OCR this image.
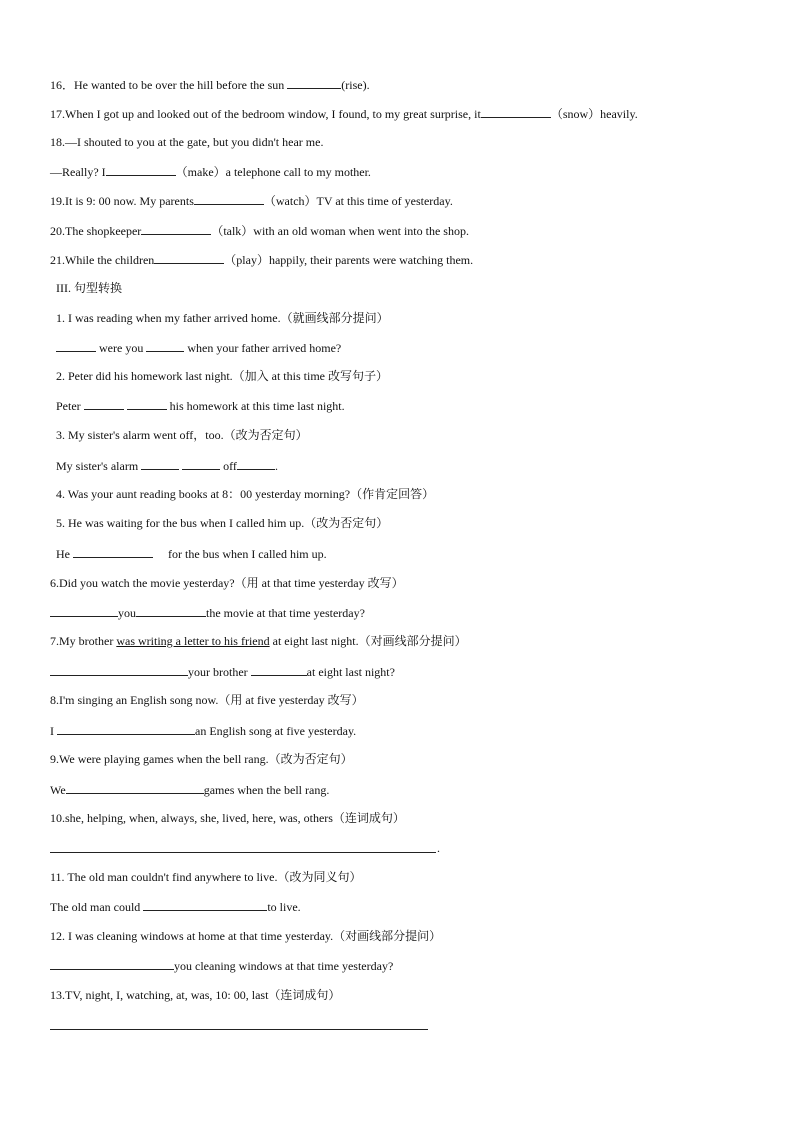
16．He wanted to be over the hill before the sun	(rise).
17.When I got up and looked out of the bedroom window, I found, to my great surprise, it	（snow）heavily.
18.—I shouted to you at the gate, but you didn't hear me.
—Really? I	（make）a telephone call to my mother.
19.It is 9: 00 now. My parents	（watch）TV at this time of yesterday.
20.The shopkeeper	（talk）with an old woman when went into the shop.
21.While the children	（play）happily, their parents were watching them.
III. 句型转换
1. I was reading when my father arrived home.（就画线部分提问）
were you	when your father arrived home?
2. Peter did his homework last night.（加入 at this time 改写句子）
Peter	his homework at this time last night.
3. My sister's alarm went off，too.（改为否定句）
My sister's alarm	off	.
4. Was your aunt reading books at 8：00 yesterday morning?（作肯定回答）
5. He was waiting for the bus when I called him up.（改为否定句）
He	for the bus when I called him up.
6.Did you watch the movie yesterday?（用 at that time yesterday 改写）
you	the movie at that time yesterday?
7.My brother was writing a letter to his friend at eight last night.（对画线部分提问）
your brother	at eight last night?
8.I'm singing an English song now.（用 at five yesterday 改写）
I	an English song at five yesterday.
9.We were playing games when the bell rang.（改为否定句）
We	games when the bell rang.
10.she, helping, when, always, she, lived, here, was, others（连词成句）
.
11. The old man couldn't find anywhere to live.（改为同义句）
The old man could	to live.
12. I was cleaning windows at home at that time yesterday.（对画线部分提问）
you cleaning windows at that time yesterday?
13.TV, night, I, watching, at, was, 10: 00, last（连词成句）
